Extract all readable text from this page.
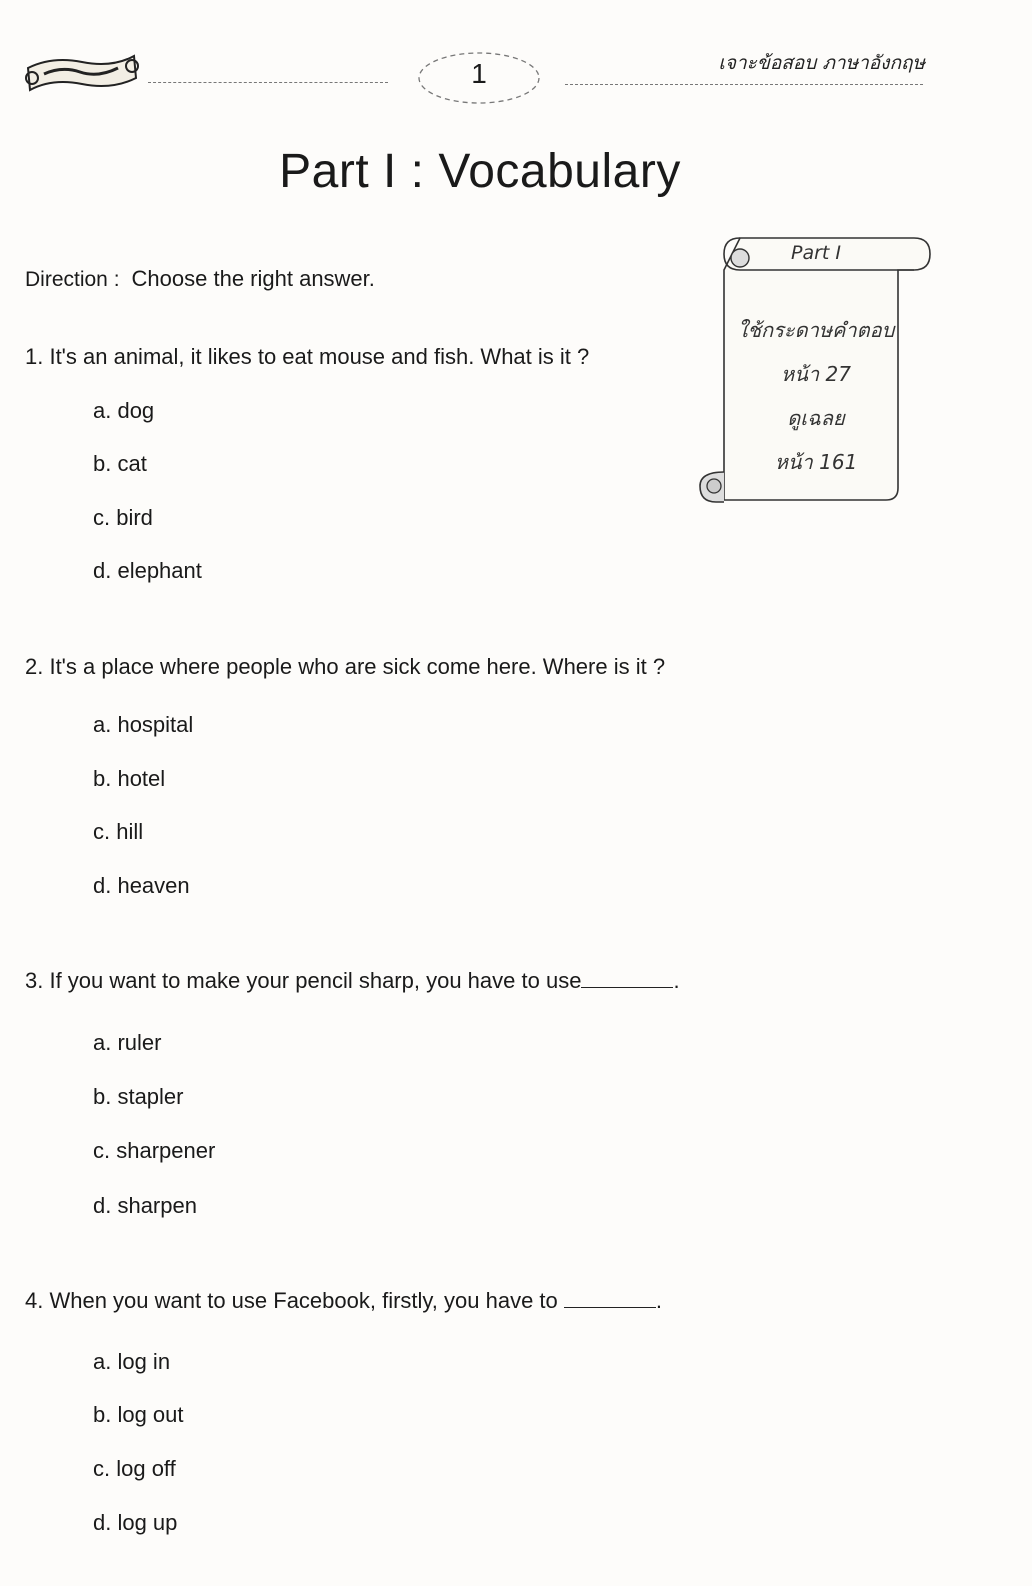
1	เจาะข้อสอบ ภาษาอังกฤษ
Part I : Vocabulary
Direction : Choose the right answer.
Part I
ใช้กระดาษคำตอบ
หน้า 27
ดูเฉลย
หน้า 161
1. It's an animal, it likes to eat mouse and fish. What is it ?
a. dog
b. cat
c. bird
d. elephant
2. It's a place where people who are sick come here. Where is it ?
a. hospital
b. hotel
c. hill
d. heaven
3. If you want to make your pencil sharp, you have to use	.
a. ruler
b. stapler
c. sharpener
d. sharpen
4. When you want to use Facebook, firstly, you have to	.
a. log in
b. log out
c. log off
d. log up
